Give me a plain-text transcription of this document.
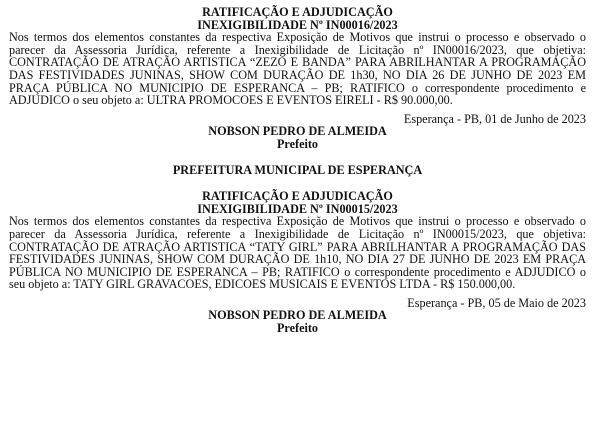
RATIFICAÇÃO E ADJUDICAÇÃO

INEXIGIBILIDADE Nº IN00016/2023

Nos termos dos elementos constantes da respectiva Exposição de Motivos que instrui o processo e observado o parecer da Assessoria Jurídica, referente a Inexigibilidade de Licitação nº IN00016/2023, que objetiva: CONTRATAÇÃO DE ATRAÇÃO ARTISTICA “ZEZO E BANDA” PARA ABRILHANTAR A PROGRAMAÇÃO DAS FESTIVIDADES JUNINAS, SHOW COM DURAÇÃO DE 1h30, NO DIA 26 DE JUNHO DE 2023 EM PRAÇA PÚBLICA NO MUNICIPIO DE ESPERANCA – PB; RATIFICO o correspondente procedimento e ADJUDICO o seu objeto a: ULTRA PROMOCOES E EVENTOS EIRELI - R$ 90.000,00.

Esperança - PB, 01 de Junho de 2023

NOBSON PEDRO DE ALMEIDA

Prefeito

PREFEITURA MUNICIPAL DE ESPERANÇA

RATIFICAÇÃO E ADJUDICAÇÃO

INEXIGIBILIDADE Nº IN00015/2023

Nos termos dos elementos constantes da respectiva Exposição de Motivos que instrui o processo e observado o parecer da Assessoria Jurídica, referente a Inexigibilidade de Licitação nº IN00015/2023, que objetiva: CONTRATAÇÃO DE ATRAÇÃO ARTISTICA “TATY GIRL” PARA ABRILHANTAR A PROGRAMAÇÃO DAS FESTIVIDADES JUNINAS, SHOW COM DURAÇÃO DE 1h10, NO DIA 27 DE JUNHO DE 2023 EM PRAÇA PÚBLICA NO MUNICIPIO DE ESPERANCA – PB; RATIFICO o correspondente procedimento e ADJUDICO o seu objeto a: TATY GIRL GRAVACOES, EDICOES MUSICAIS E EVENTOS LTDA - R$ 150.000,00.

Esperança - PB, 05 de Maio de 2023

NOBSON PEDRO DE ALMEIDA

Prefeito
